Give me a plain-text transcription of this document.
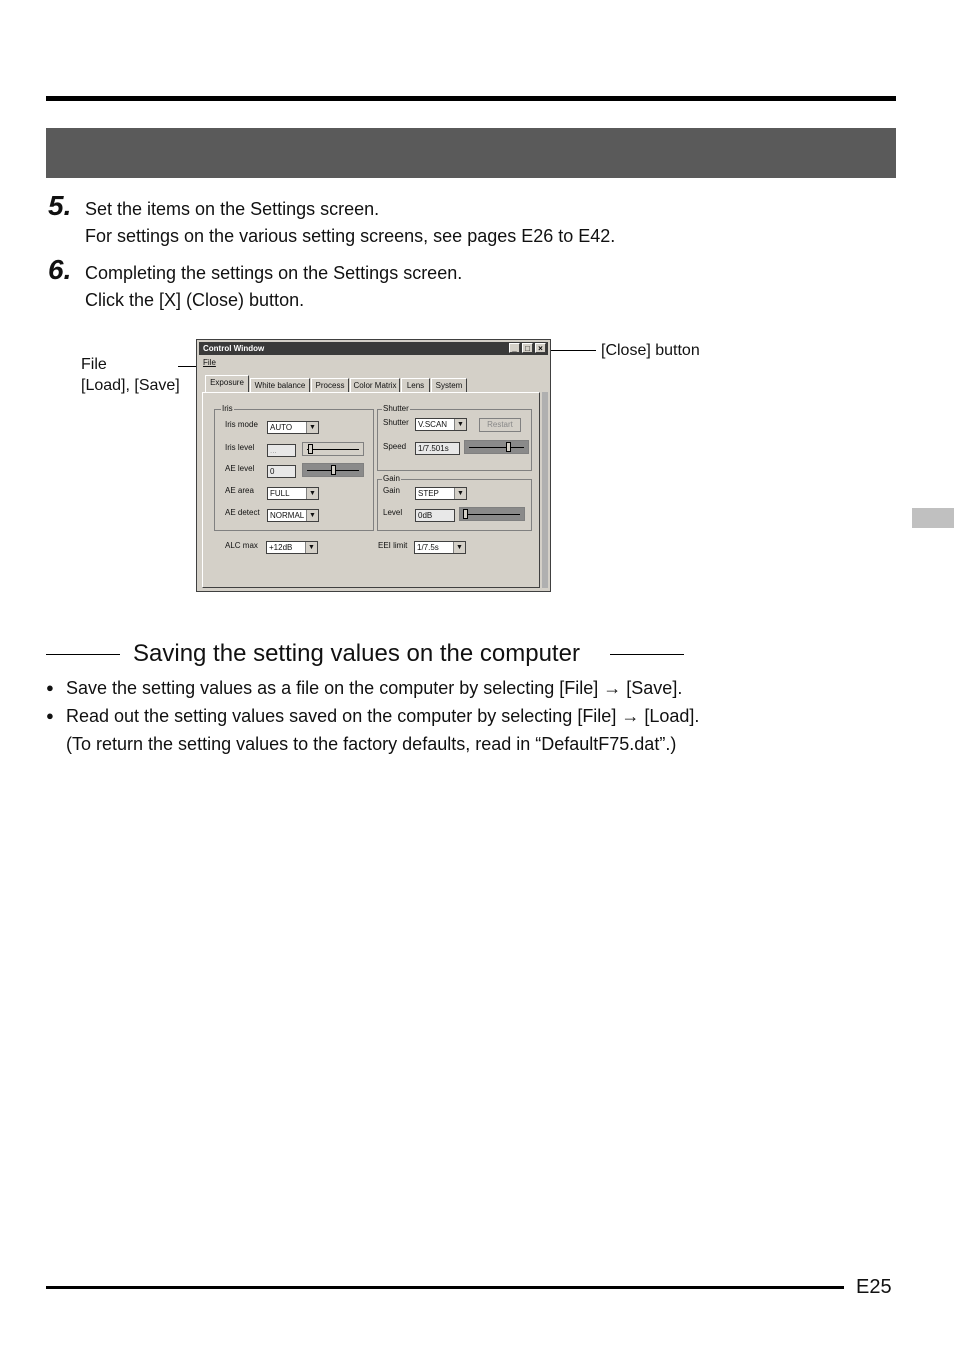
5. Set the items on the Settings screen.
For settings on the various setting screens, see pages E26 to E42.
6. Completing the settings on the Settings screen.
Click the [X] (Close) button.
File
[Load], [Save]
[Close] button
Control Window	_	□	×
File
Exposure	White balance	Process	Color Matrix	Lens	System
Iris
Iris mode	AUTO	▼
Iris level	...
AE level	0
AE area	FULL	▼
AE detect	NORMAL ▼
Shutter
Shutter	V.SCAN	▼	Restart
Speed	1/7.501s
Gain
Gain	STEP	▼
Level	0dB
ALC max	+12dB	▼	EEI limit	1/7.5s	▼
Saving the setting values on the computer
● Save the setting values as a file on the computer by selecting [File] → [Save].
● Read out the setting values saved on the computer by selecting [File] → [Load].
(To return the setting values to the factory defaults, read in “DefaultF75.dat”.)
E25
